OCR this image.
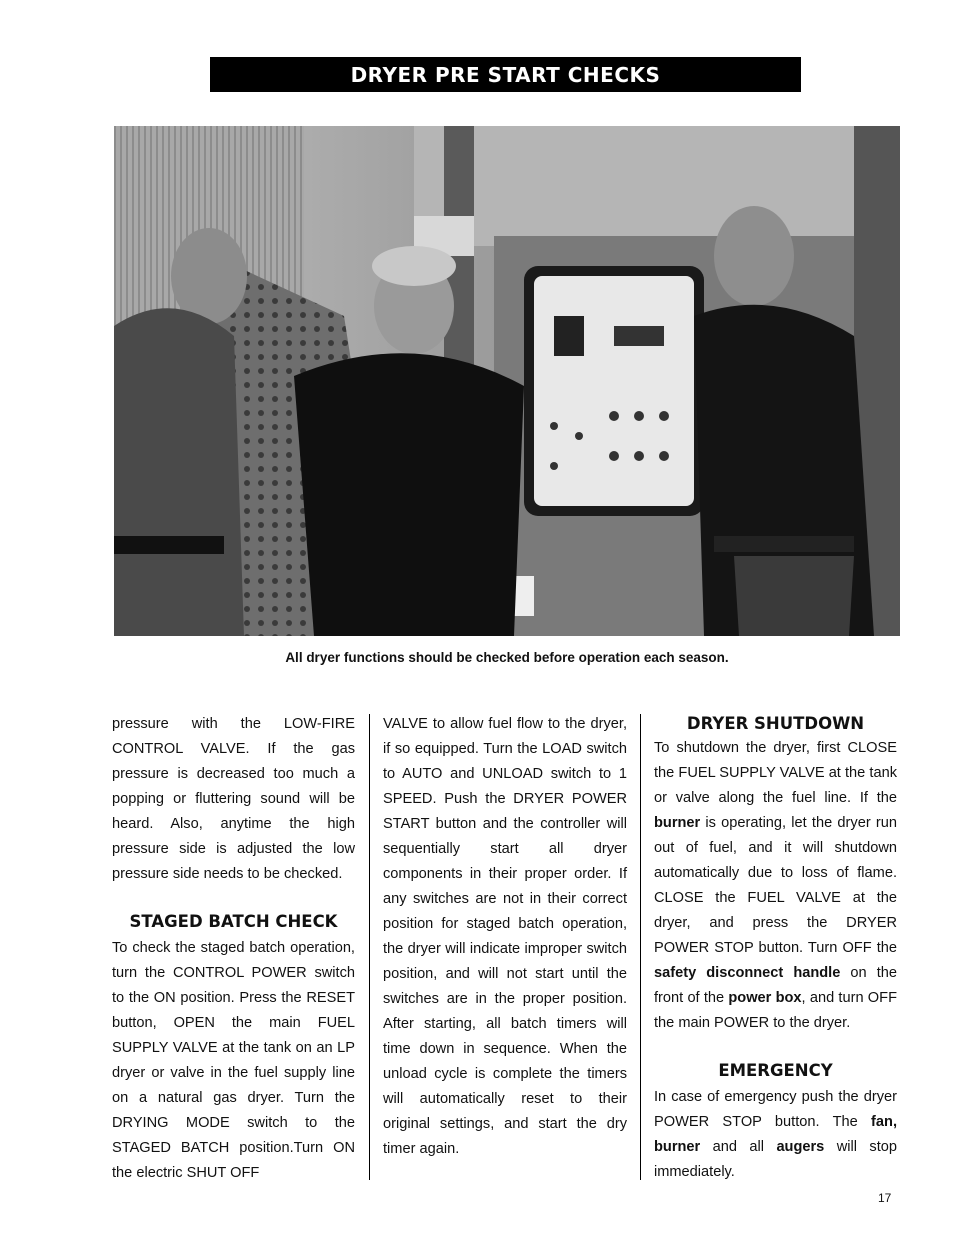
DRYER PRE START CHECKS
All dryer functions should be checked before operation each season.

pressure with the LOW-FIRE CONTROL VALVE. If the gas pressure is decreased too much a popping or fluttering sound will be heard. Also, anytime the high pressure side is adjusted the low pressure side needs to be checked.

STAGED BATCH CHECK

To check the staged batch operation, turn the CONTROL POWER switch to the ON position. Press the RESET button, OPEN the main FUEL SUPPLY VALVE at the tank on an LP dryer or valve in the fuel supply line on a natural gas dryer. Turn the DRYING MODE switch to the STAGED BATCH position.Turn ON the electric SHUT OFF

VALVE to allow fuel flow to the dryer, if so equipped. Turn the LOAD switch to AUTO and UNLOAD switch to 1 SPEED. Push the DRYER POWER START button and the controller will sequentially start all dryer components in their proper order. If any switches are not in their correct position for staged batch operation, the dryer will indicate improper switch position, and will not start until the switches are in the proper position. After starting, all batch timers will time down in sequence. When the unload cycle is complete the timers will automatically reset to their original settings, and start the dry timer again.

DRYER SHUTDOWN

To shutdown the dryer, first CLOSE the FUEL SUPPLY VALVE at the tank or valve along the fuel line. If the burner is operating, let the dryer run out of fuel, and it will shutdown automatically due to loss of flame. CLOSE the FUEL VALVE at the dryer, and press the DRYER POWER STOP button. Turn OFF the safety disconnect handle on the front of the power box, and turn OFF the main POWER to the dryer.

EMERGENCY

In case of emergency push the dryer POWER STOP button. The fan, burner and all augers will stop immediately.

17
